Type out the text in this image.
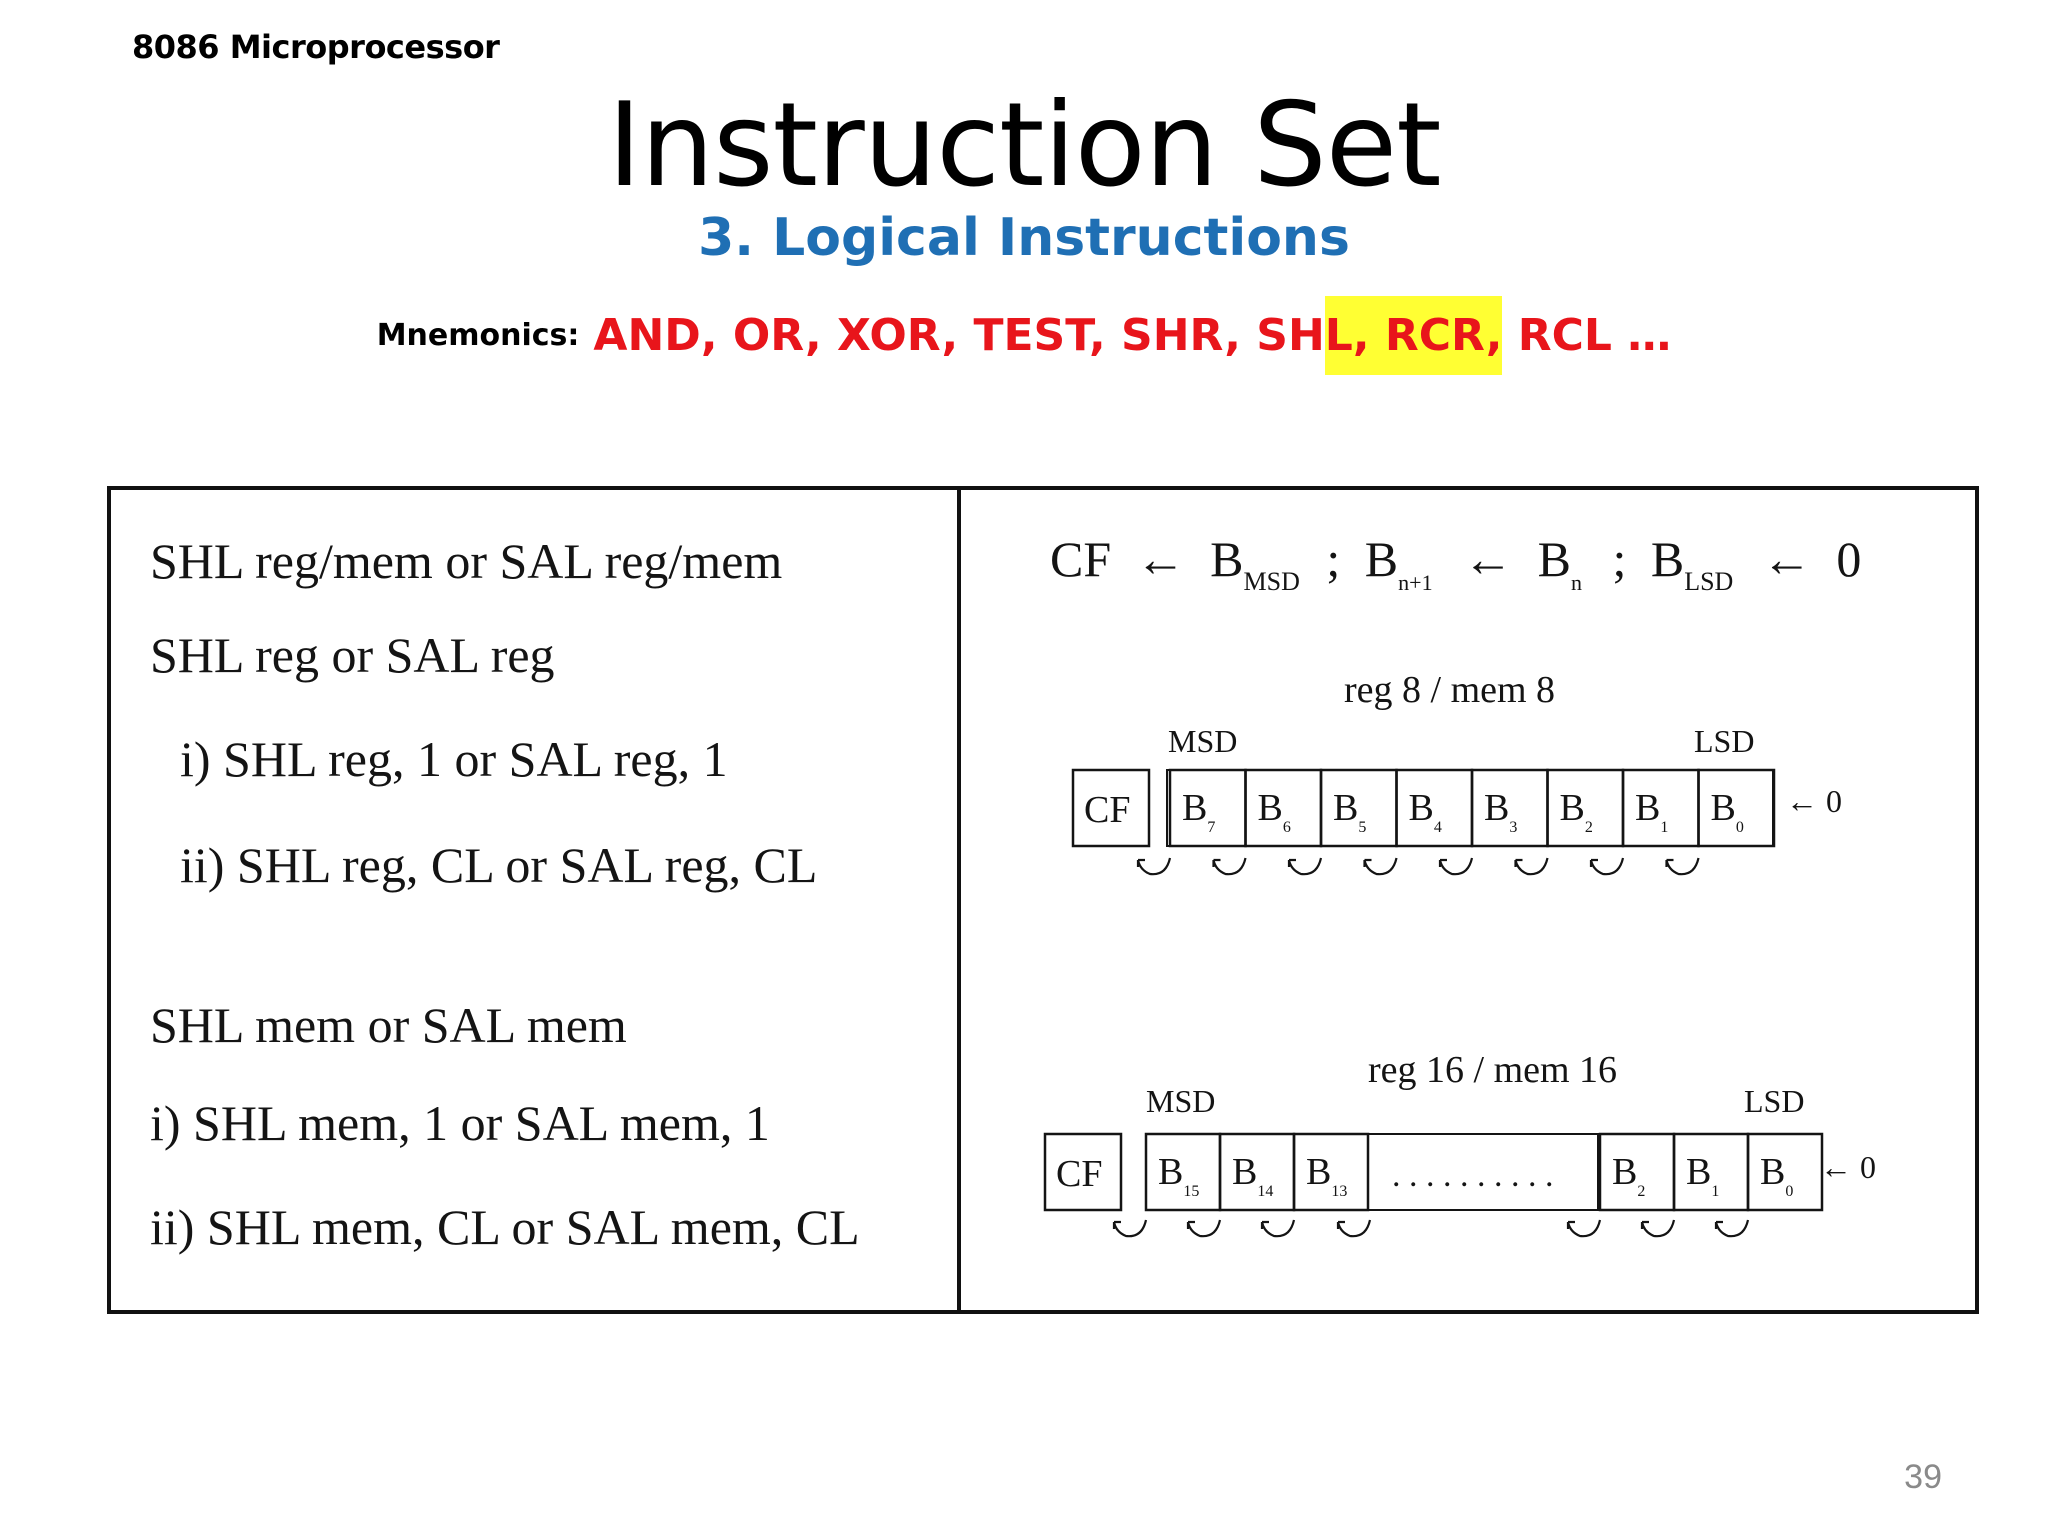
8086 Microprocessor
Instruction Set
3. Logical Instructions
Mnemonics: AND, OR, XOR, TEST, SHR, SHL, RCR, RCL …
SHL reg/mem or SAL reg/mem
SHL reg or SAL reg
i) SHL reg, 1 or SAL reg, 1
ii) SHL reg, CL or SAL reg, CL
SHL mem or SAL mem
i) SHL mem, 1 or SAL mem, 1
ii) SHL mem, CL or SAL mem, CL
CF ← $B_{MSD}$ ; $B_{n+1}$ ← $B_n$ ; $B_{LSD}$ ← 0
reg 8 / mem 8
MSD	LSD
CF $B_7$ $B_6$ $B_5$ $B_4$ $B_3$ $B_2$ $B_1$ $B_0$
← 0
reg 16 / mem 16
MSD	LSD
CF $B_{15}$ $B_{14}$ $B_{13}$	$B_2$ $B_1$ $B_0$
. . . . . . . . . .	← 0
39
